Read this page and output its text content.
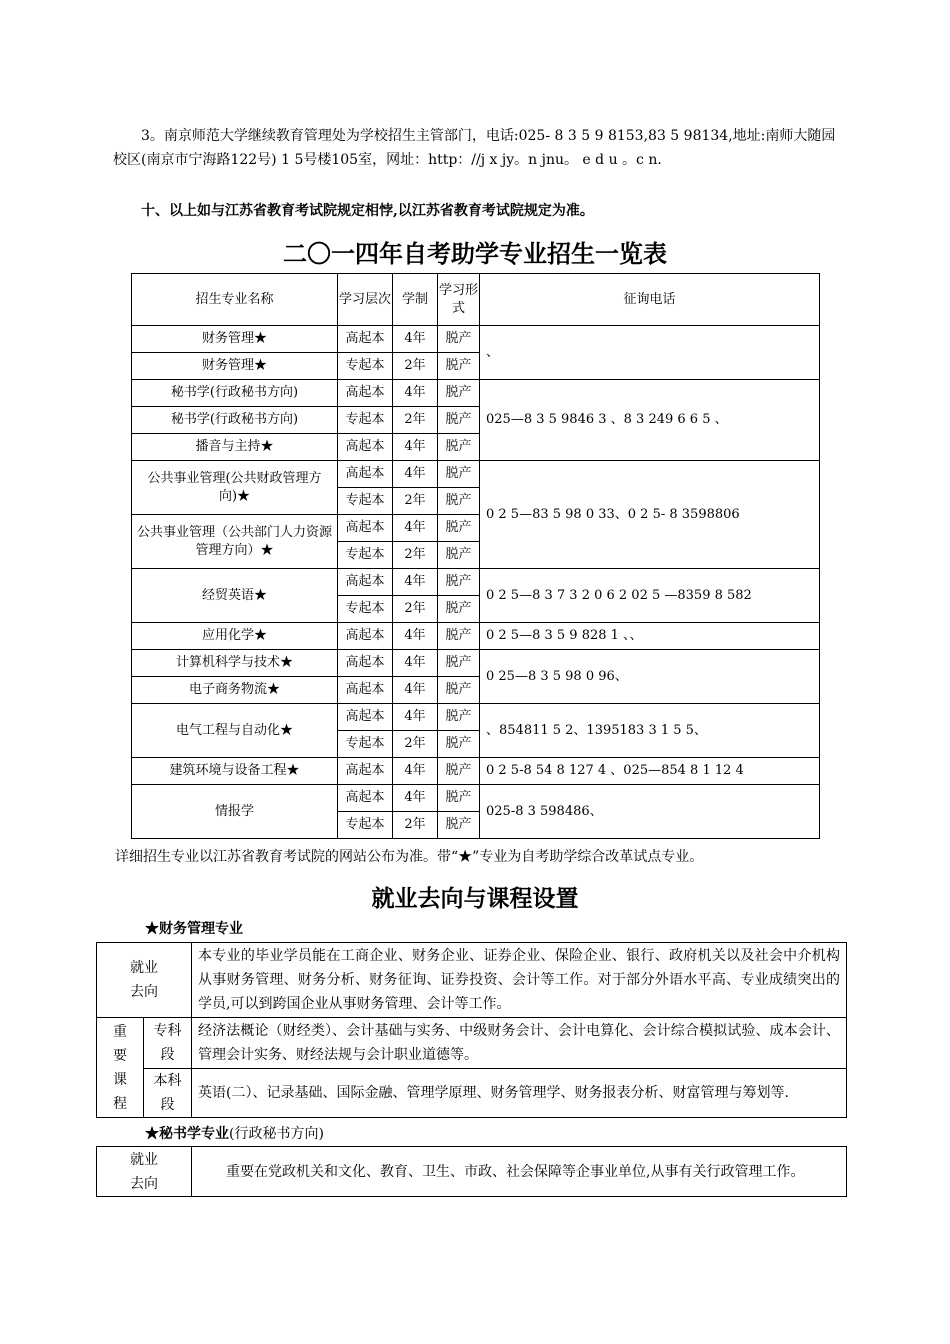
3。南京师范大学继续教育管理处为学校招生主管部门，电话:025- 8 3 5 9 8153,83 5 98134,地址:南师大随园校区(南京市宁海路122号) 1 5号楼105室，网址：http：//j x jy。n jnu。 e d u 。c n.

十、以上如与江苏省教育考试院规定相悖,以江苏省教育考试院规定为准。

二〇一四年自考助学专业招生一览表
招生专业名称	学习层次	学制	学习形式	征询电话
财务管理★	高起本	4年	脱产	、
财务管理★	专起本	2年	脱产	
秘书学(行政秘书方向)	高起本	4年	脱产	025—8 3 5 9846 3 、8 3 249 6 6 5 、
秘书学(行政秘书方向)	专起本	2年	脱产	
播音与主持★	高起本	4年	脱产	
公共事业管理(公共财政管理方向)★	高起本	4年	脱产	0 2 5—83 5 98 0 33、0 2 5- 8 3598806
	专起本	2年	脱产	
公共事业管理（公共部门人力资源管理方向）★	高起本	4年	脱产	
	专起本	2年	脱产	
经贸英语★	高起本	4年	脱产	0 2 5—8 3 7 3 2 0 6 2 02 5 —8359 8 582
	专起本	2年	脱产	
应用化学★	高起本	4年	脱产	0 2 5—8 3 5 9 828 1 、、
计算机科学与技术★	高起本	4年	脱产	0 25—8 3 5 98 0 96、
电子商务物流★	高起本	4年	脱产	
电气工程与自动化★	高起本	4年	脱产	、854811 5 2、1395183 3 1 5 5、
	专起本	2年	脱产	
建筑环境与设备工程★	高起本	4年	脱产	0 2 5-8 54 8 127 4 、025—854 8 1 12 4
情报学	高起本	4年	脱产	025-8 3 598486、
	专起本	2年	脱产	

详细招生专业以江苏省教育考试院的网站公布为准。带“★”专业为自考助学综合改革试点专业。

就业去向与课程设置

★财务管理专业

就业去向		本专业的毕业学员能在工商企业、财务企业、证券企业、保险企业、银行、政府机关以及社会中介机构从事财务管理、财务分析、财务征询、证券投资、会计等工作。对于部分外语水平高、专业成绩突出的学员,可以到跨国企业从事财务管理、会计等工作。
重要课程	专科段	经济法概论（财经类）、会计基础与实务、中级财务会计、会计电算化、会计综合模拟试验、成本会计、管理会计实务、财经法规与会计职业道德等。
	本科段	英语(二）、记录基础、国际金融、管理学原理、财务管理学、财务报表分析、财富管理与筹划等.

★秘书学专业(行政秘书方向)

就业去向	重要在党政机关和文化、教育、卫生、市政、社会保障等企事业单位,从事有关行政管理工作。
